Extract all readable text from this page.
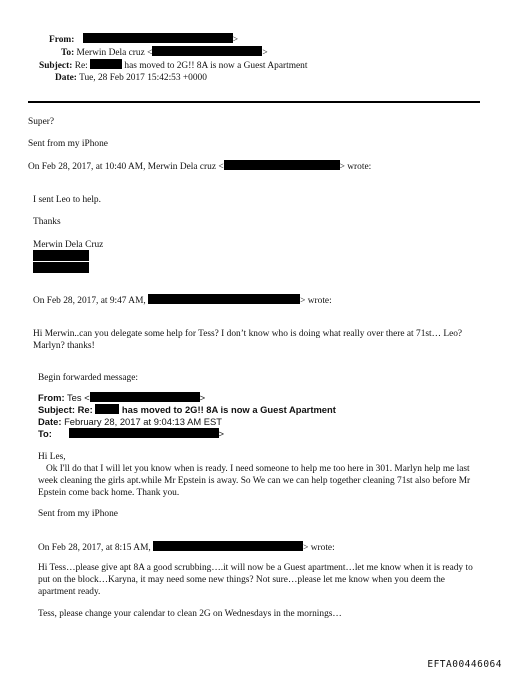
From:	>
To: Merwin Dela cruz <	>
Subject: Re:	has moved to 2G!! 8A is now a Guest Apartment
Date: Tue, 28 Feb 2017 15:42:53 +0000
Super?
Sent from my iPhone
On Feb 28, 2017, at 10:40 AM, Merwin Dela cruz <	> wrote:
I sent Leo to help.
Thanks
Merwin Dela Cruz
On Feb 28, 2017, at 9:47 AM,	> wrote:
Hi Merwin..can you delegate some help for Tess? I don’t know who is doing what really over there at 71st… Leo? Marlyn? thanks!
Begin forwarded message:
From: Tes <	>
Subject: Re:	has moved to 2G!! 8A is now a Guest Apartment
Date: February 28, 2017 at 9:04:13 AM EST
To:	>
Hi Les,
Ok I'll do that I will let you know when is ready. I need someone to help me too here in 301. Marlyn help me last week cleaning the girls apt.while Mr Epstein is away. So We can we can help together cleaning 71st also before Mr Epstein come back home. Thank you.
Sent from my iPhone
On Feb 28, 2017, at 8:15 AM,	> wrote:
Hi Tess…please give apt 8A a good scrubbing….it will now be a Guest apartment…let me know when it is ready to put on the block…Karyna, it may need some new things? Not sure…please let me know when you deem the apartment ready.
Tess, please change your calendar to clean 2G on Wednesdays in the mornings…
EFTA00446064
